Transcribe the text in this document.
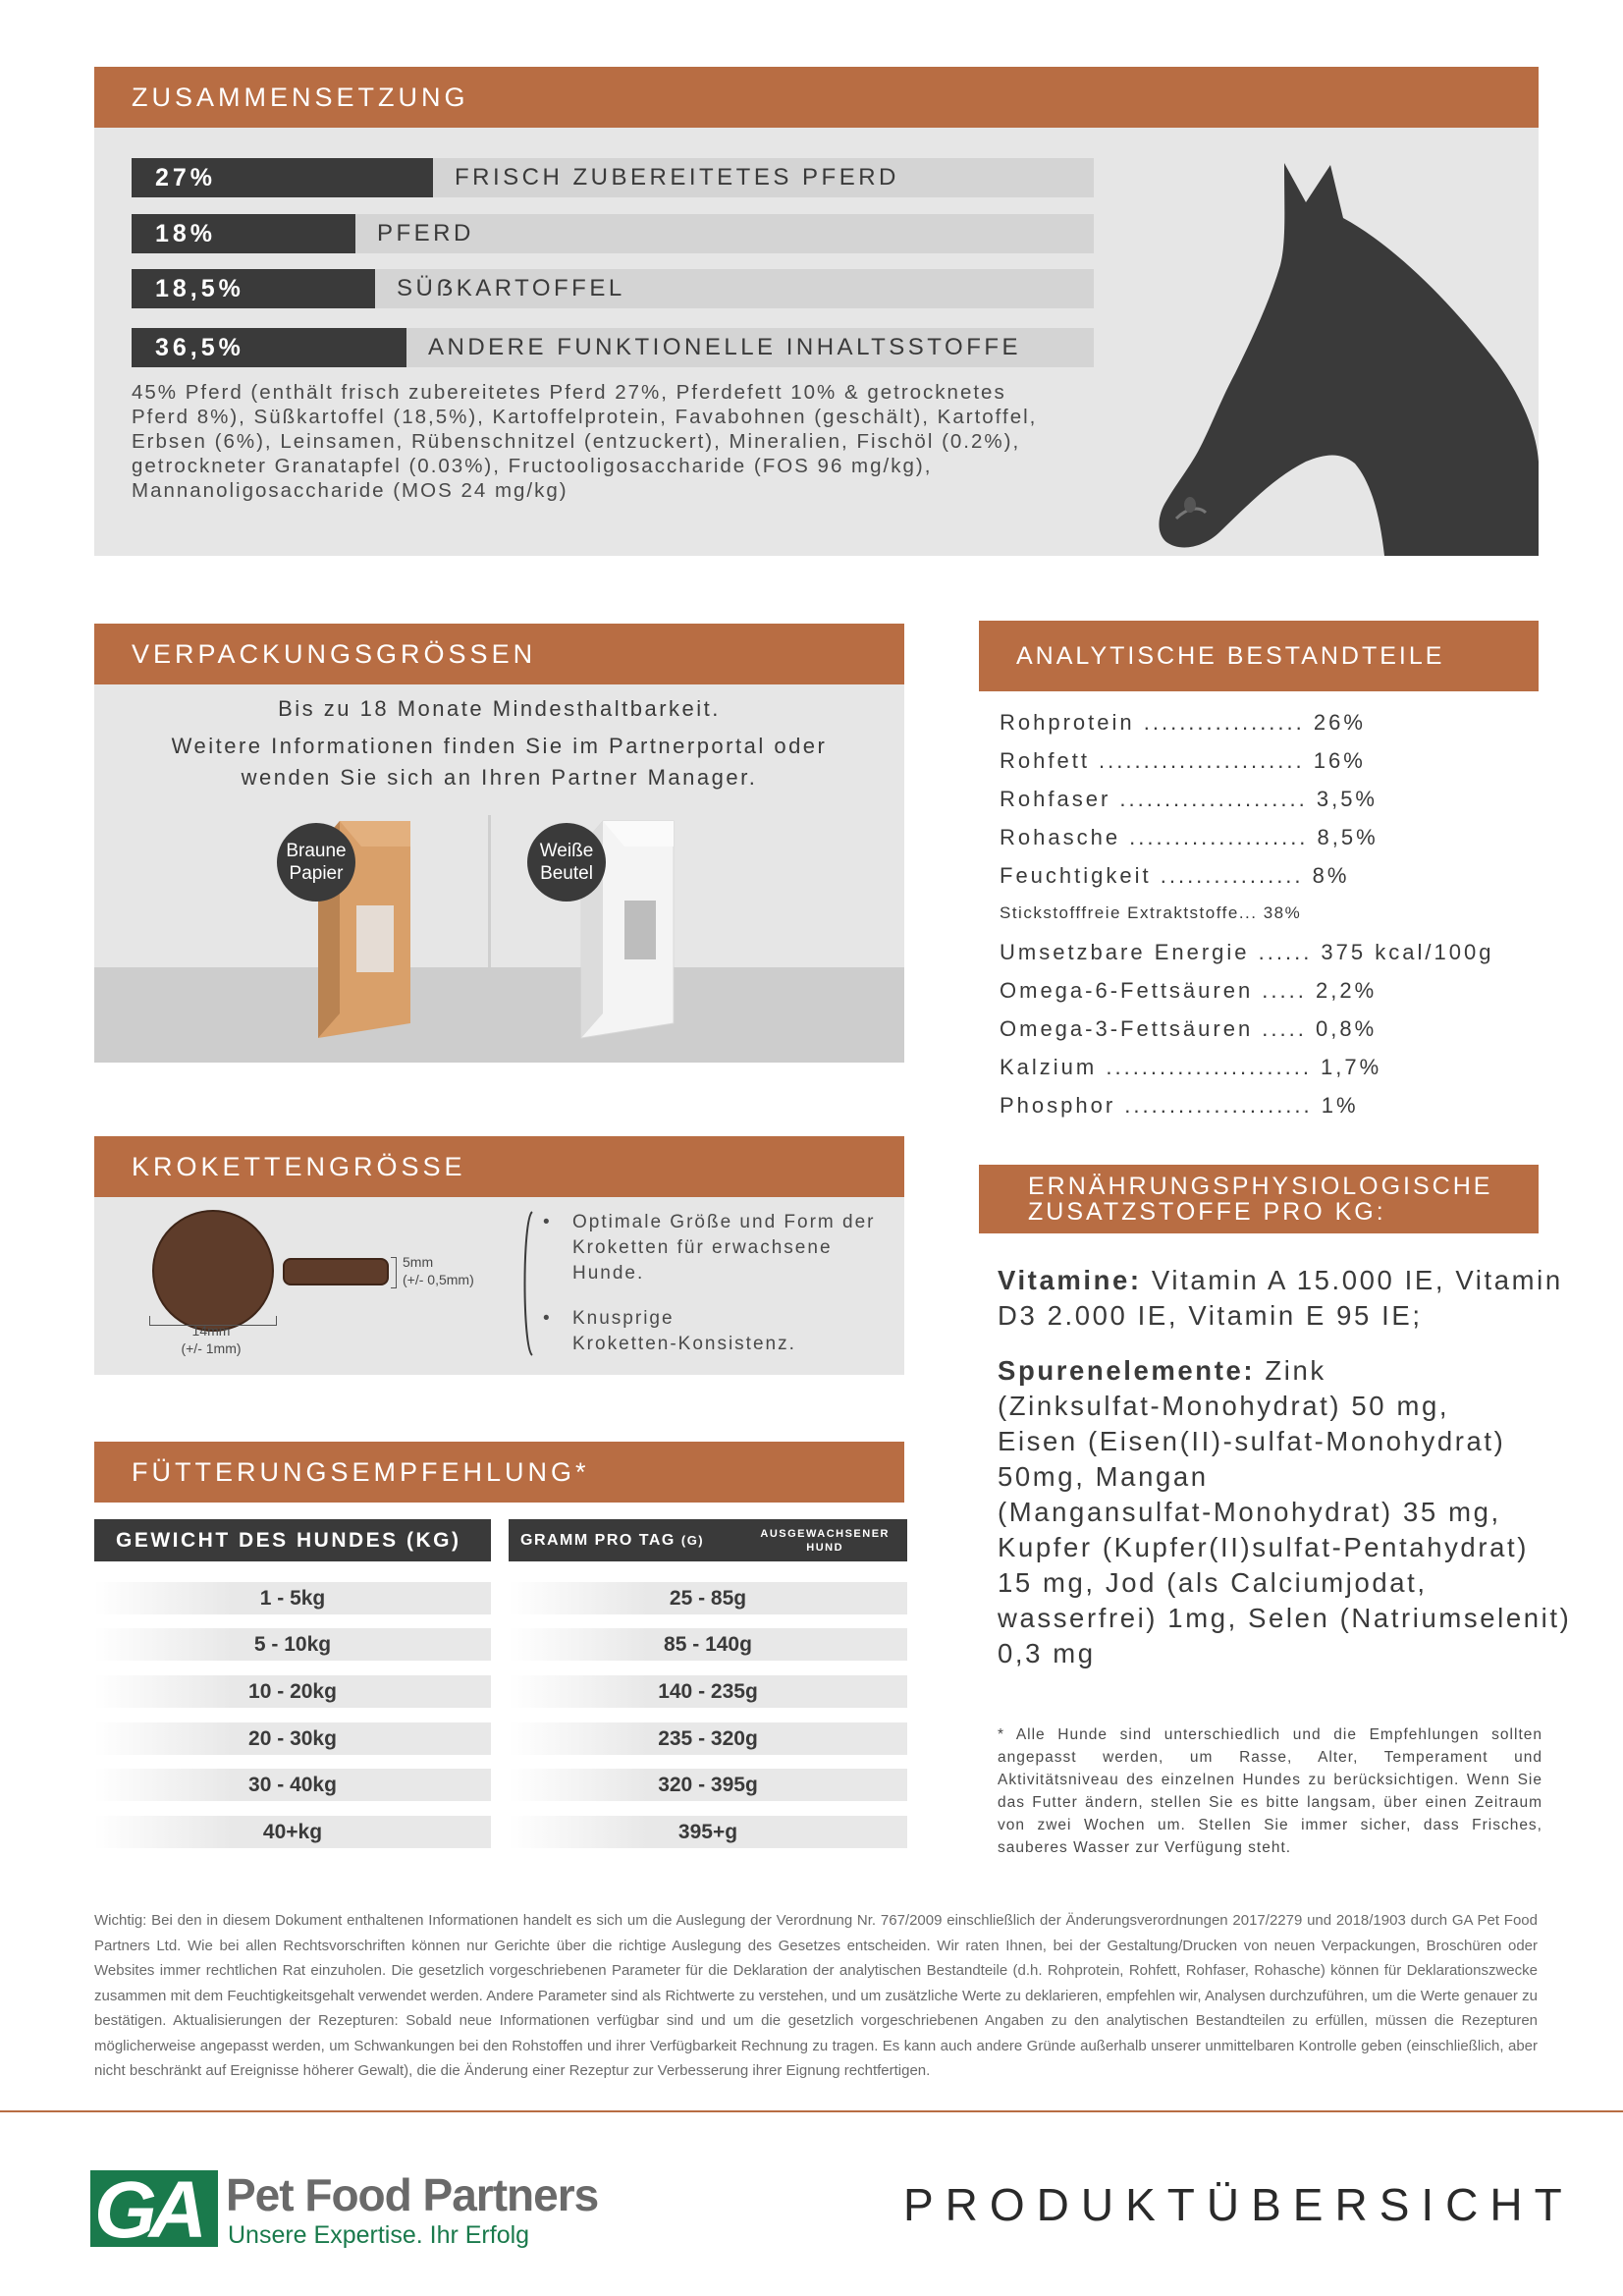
ZUSAMMENSETZUNG
27%	FRISCH ZUBEREITETES PFERD
18%	PFERD
18,5%	SÜẞKARTOFFEL
36,5%	ANDERE FUNKTIONELLE INHALTSSTOFFE
45% Pferd (enthält frisch zubereitetes Pferd 27%, Pferdefett 10% & getrocknetes
Pferd 8%), Süßkartoffel (18,5%), Kartoffelprotein, Favabohnen (geschält), Kartoffel,
Erbsen (6%), Leinsamen, Rübenschnitzel (entzuckert), Mineralien, Fischöl (0.2%),
getrockneter Granatapfel (0.03%), Fructooligosaccharide (FOS 96 mg/kg),
Mannanoligosaccharide (MOS 24 mg/kg)
VERPACKUNGSGRÖSSEN
Bis zu 18 Monate Mindesthaltbarkeit.
Weitere Informationen finden Sie im Partnerportal oder
wenden Sie sich an Ihren Partner Manager.
Braune
Papier
Weiße
Beutel
KROKETTENGRÖSSE
14mm
(+/- 1mm)
5mm
(+/- 0,5mm)
•	Optimale Größe und Form der
Kroketten für erwachsene
Hunde.
•	Knusprige
Kroketten-Konsistenz.
FÜTTERUNGSEMPFEHLUNG*
GEWICHT DES HUNDES (KG)	GRAMM PRO TAG (G)	AUSGEWACHSENER
HUND
1 - 5kg	25 - 85g
5 - 10kg	85 - 140g
10 - 20kg	140 - 235g
20 - 30kg	235 - 320g
30 - 40kg	320 - 395g
40+kg	395+g
ANALYTISCHE BESTANDTEILE
Rohprotein .................. 26%
Rohfett ....................... 16%
Rohfaser ..................... 3,5%
Rohasche .................... 8,5%
Feuchtigkeit ................ 8%
Stickstofffreie Extraktstoffe... 38%
Umsetzbare Energie ...... 375 kcal/100g
Omega-6-Fettsäuren ..... 2,2%
Omega-3-Fettsäuren ..... 0,8%
Kalzium ....................... 1,7%
Phosphor ..................... 1%
ERNÄHRUNGSPHYSIOLOGISCHE
ZUSATZSTOFFE PRO KG:
Vitamine: Vitamin A 15.000 IE, Vitamin
D3 2.000 IE, Vitamin E 95 IE;
Spurenelemente: Zink
(Zinksulfat-Monohydrat) 50 mg,
Eisen (Eisen(II)-sulfat-Monohydrat)
50mg, Mangan
(Mangansulfat-Monohydrat) 35 mg,
Kupfer (Kupfer(II)sulfat-Pentahydrat)
15 mg, Jod (als Calciumjodat,
wasserfrei) 1mg, Selen (Natriumselenit)
0,3 mg
* Alle Hunde sind unterschiedlich und die Empfehlungen sollten angepasst werden, um Rasse, Alter, Temperament und Aktivitätsniveau des einzelnen Hundes zu berücksichtigen. Wenn Sie das Futter ändern, stellen Sie es bitte langsam, über einen Zeitraum von zwei Wochen um. Stellen Sie immer sicher, dass Frisches, sauberes Wasser zur Verfügung steht.
Wichtig: Bei den in diesem Dokument enthaltenen Informationen handelt es sich um die Auslegung der Verordnung Nr. 767/2009 einschließlich der Änderungsverordnungen 2017/2279 und 2018/1903 durch GA Pet Food Partners Ltd. Wie bei allen Rechtsvorschriften können nur Gerichte über die richtige Auslegung des Gesetzes entscheiden. Wir raten Ihnen, bei der Gestaltung/Drucken von neuen Verpackungen, Broschüren oder Websites immer rechtlichen Rat einzuholen. Die gesetzlich vorgeschriebenen Parameter für die Deklaration der analytischen Bestandteile (d.h. Rohprotein, Rohfett, Rohfaser, Rohasche) können für Deklarationszwecke zusammen mit dem Feuchtigkeitsgehalt verwendet werden. Andere Parameter sind als Richtwerte zu verstehen, und um zusätzliche Werte zu deklarieren, empfehlen wir, Analysen durchzuführen, um die Werte genauer zu bestätigen. Aktualisierungen der Rezepturen: Sobald neue Informationen verfügbar sind und um die gesetzlich vorgeschriebenen Angaben zu den analytischen Bestandteilen zu erfüllen, müssen die Rezepturen möglicherweise angepasst werden, um Schwankungen bei den Rohstoffen und ihrer Verfügbarkeit Rechnung zu tragen. Es kann auch andere Gründe außerhalb unserer unmittelbaren Kontrolle geben (einschließlich, aber nicht beschränkt auf Ereignisse höherer Gewalt), die die Änderung einer Rezeptur zur Verbesserung ihrer Eignung rechtfertigen.
GA Pet Food Partners
Unsere Expertise. Ihr Erfolg
PRODUKTÜBERSICHT
